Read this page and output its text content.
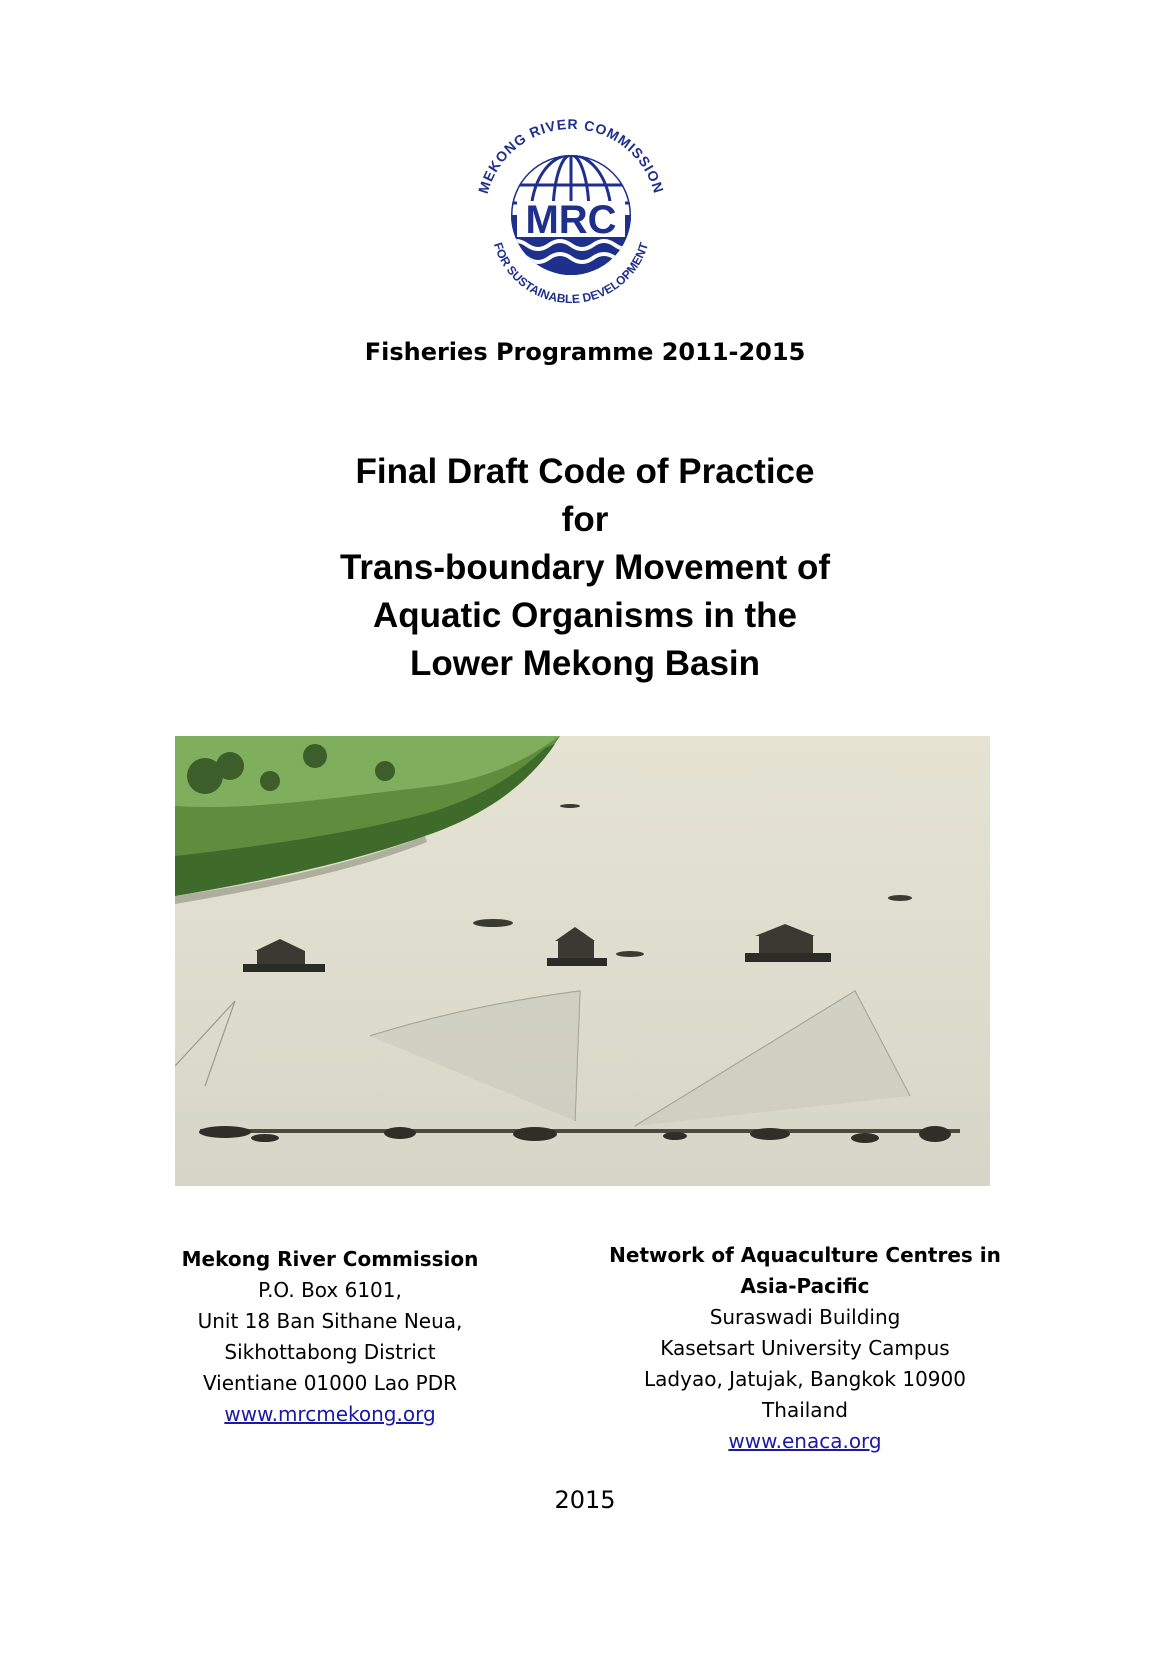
MEKONG RIVER COMMISSION
FOR SUSTAINABLE DEVELOPMENT
MRC
Fisheries Programme 2011-2015
Final Draft Code of Practice
for
Trans-boundary Movement of
Aquatic Organisms in the
Lower Mekong Basin
Mekong River Commission
P.O. Box 6101,
Unit 18 Ban Sithane Neua,
Sikhottabong District
Vientiane 01000 Lao PDR
www.mrcmekong.org
Network of Aquaculture Centres in
Asia-Pacific
Suraswadi Building
Kasetsart University Campus
Ladyao, Jatujak, Bangkok 10900
Thailand
www.enaca.org
2015
